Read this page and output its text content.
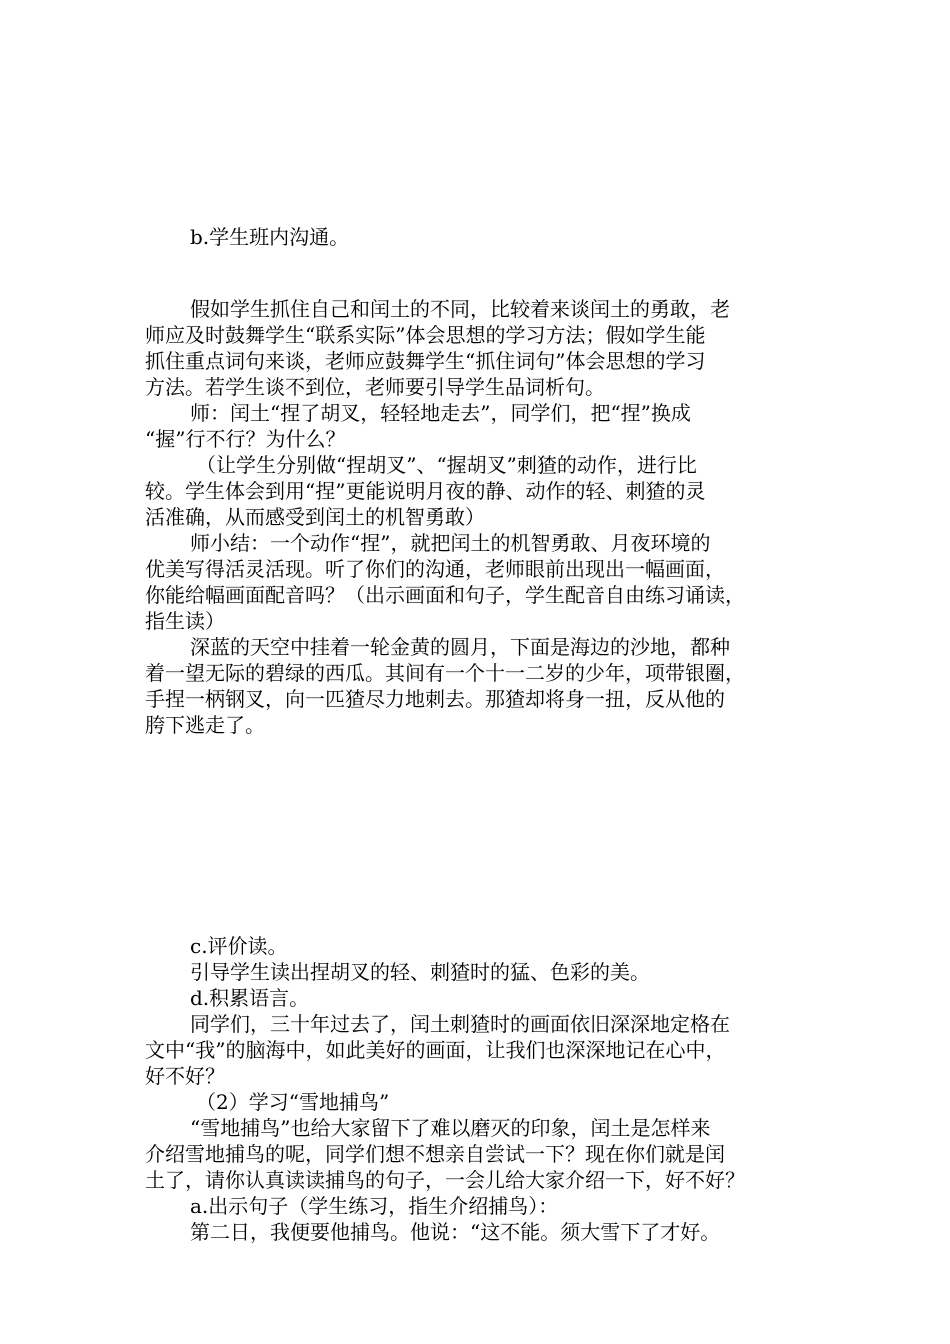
b.学生班内沟通。
假如学生抓住自己和闰土的不同，比较着来谈闰土的勇敢，老
师应及时鼓舞学生“联系实际”体会思想的学习方法；假如学生能
抓住重点词句来谈，老师应鼓舞学生“抓住词句”体会思想的学习
方法。若学生谈不到位，老师要引导学生品词析句。
师：闰土“捏了胡叉，轻轻地走去”，同学们，把“捏”换成
“握”行不行？为什么？
（让学生分别做“捏胡叉”、“握胡叉”刺猹的动作，进行比
较。学生体会到用“捏”更能说明月夜的静、动作的轻、刺猹的灵
活准确，从而感受到闰土的机智勇敢）
师小结：一个动作“捏”，就把闰土的机智勇敢、月夜环境的
优美写得活灵活现。听了你们的沟通，老师眼前出现出一幅画面，
你能给幅画面配音吗？（出示画面和句子，学生配音自由练习诵读，
指生读）
深蓝的天空中挂着一轮金黄的圆月，下面是海边的沙地，都种
着一望无际的碧绿的西瓜。其间有一个十一二岁的少年，项带银圈，
手捏一柄钢叉，向一匹猹尽力地刺去。那猹却将身一扭，反从他的
胯下逃走了。
c.评价读。
引导学生读出捏胡叉的轻、刺猹时的猛、色彩的美。
d.积累语言。
同学们，三十年过去了，闰土刺猹时的画面依旧深深地定格在
文中“我”的脑海中，如此美好的画面，让我们也深深地记在心中，
好不好？
（2）学习“雪地捕鸟”
“雪地捕鸟”也给大家留下了难以磨灭的印象，闰土是怎样来
介绍雪地捕鸟的呢，同学们想不想亲自尝试一下？现在你们就是闰
土了，请你认真读读捕鸟的句子，一会儿给大家介绍一下，好不好？
a.出示句子（学生练习，指生介绍捕鸟）：
第二日，我便要他捕鸟。他说：“这不能。须大雪下了才好。
